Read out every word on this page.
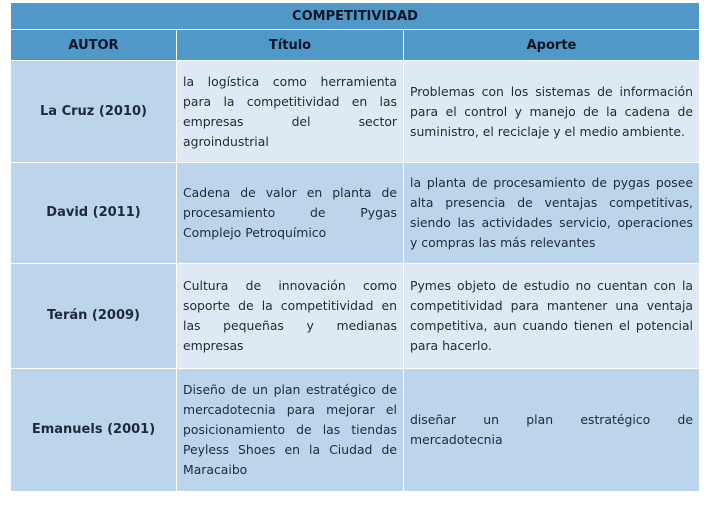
COMPETITIVIDAD		
AUTOR	Título	Aporte
La Cruz (2010)	la logística como herramienta para la competitividad en las empresas del sector agroindustrial	Problemas con los sistemas de información para el control y manejo de la cadena de suministro, el reciclaje y el medio ambiente.
David (2011)	Cadena de valor en planta de procesamiento de Pygas Complejo Petroquímico	la planta de procesamiento de pygas posee alta presencia de ventajas competitivas, siendo las actividades servicio, operaciones y compras las más relevantes
Terán (2009)	Cultura de innovación como soporte de la competitividad en las pequeñas y medianas empresas	Pymes objeto de estudio no cuentan con la competitividad para mantener una ventaja competitiva, aun cuando tienen el potencial para hacerlo.
Emanuels (2001)	Diseño de un plan estratégico de mercadotecnia para mejorar el posicionamiento de las tiendas Peyless Shoes en la Ciudad de Maracaibo	diseñar un plan estratégico de mercadotecnia
